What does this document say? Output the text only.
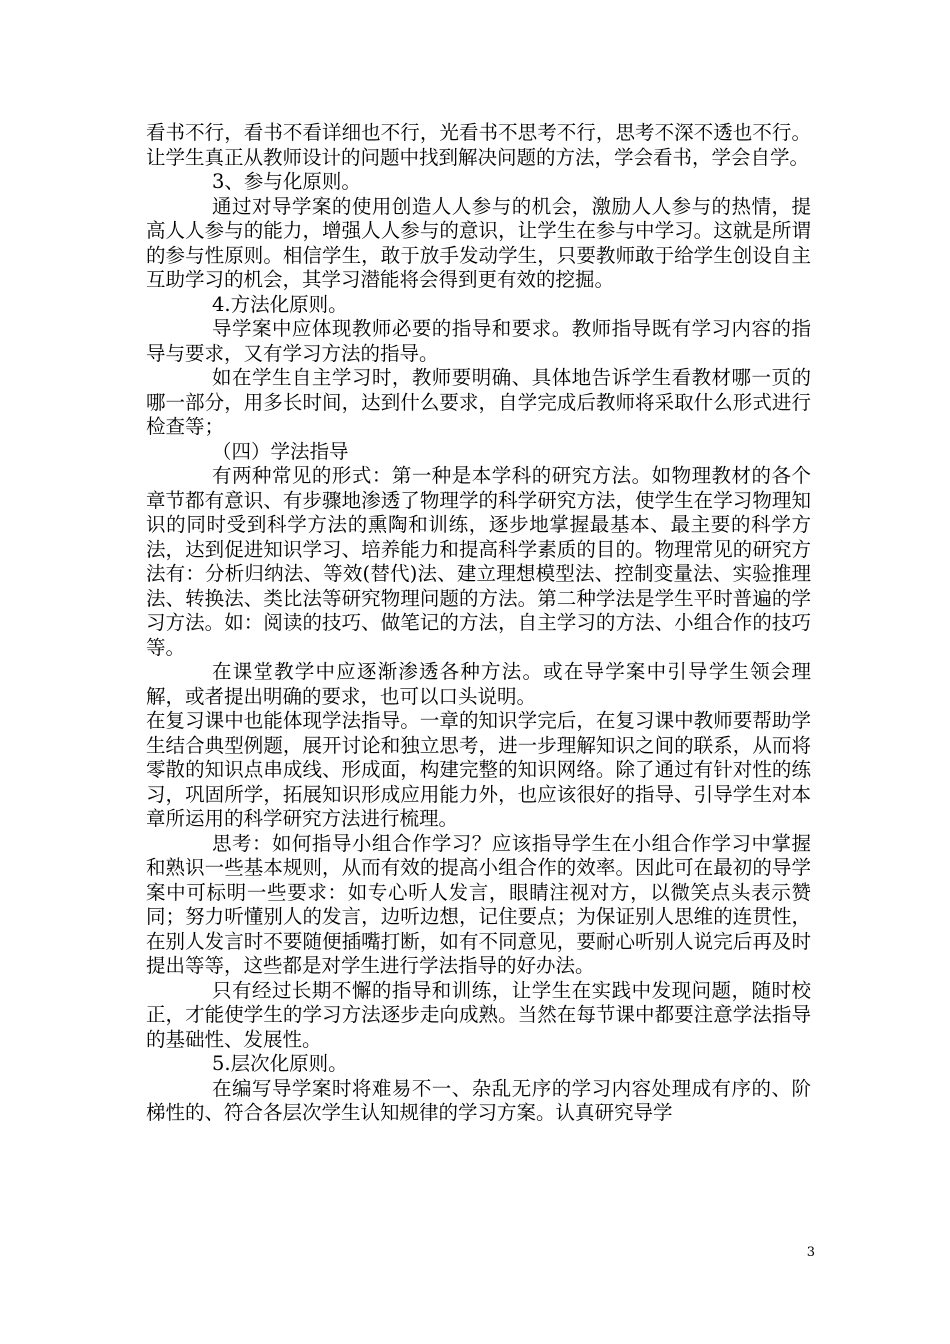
看书不行，看书不看详细也不行，光看书不思考不行，思考不深不透也不行。让学生真正从教师设计的问题中找到解决问题的方法，学会看书，学会自学。

3、参与化原则。

通过对导学案的使用创造人人参与的机会，激励人人参与的热情，提高人人参与的能力，增强人人参与的意识，让学生在参与中学习。这就是所谓的参与性原则。相信学生，敢于放手发动学生，只要教师敢于给学生创设自主互助学习的机会，其学习潜能将会得到更有效的挖掘。

4.方法化原则。

导学案中应体现教师必要的指导和要求。教师指导既有学习内容的指导与要求，又有学习方法的指导。

如在学生自主学习时，教师要明确、具体地告诉学生看教材哪一页的哪一部分，用多长时间，达到什么要求，自学完成后教师将采取什么形式进行检查等；

（四）学法指导

有两种常见的形式：第一种是本学科的研究方法。如物理教材的各个章节都有意识、有步骤地渗透了物理学的科学研究方法，使学生在学习物理知识的同时受到科学方法的熏陶和训练，逐步地掌握最基本、最主要的科学方法，达到促进知识学习、培养能力和提高科学素质的目的。物理常见的研究方法有：分析归纳法、等效(替代)法、建立理想模型法、控制变量法、实验推理法、转换法、类比法等研究物理问题的方法。第二种学法是学生平时普遍的学习方法。如：阅读的技巧、做笔记的方法，自主学习的方法、小组合作的技巧等。

在课堂教学中应逐渐渗透各种方法。或在导学案中引导学生领会理解，或者提出明确的要求，也可以口头说明。

在复习课中也能体现学法指导。一章的知识学完后，在复习课中教师要帮助学生结合典型例题，展开讨论和独立思考，进一步理解知识之间的联系，从而将零散的知识点串成线、形成面，构建完整的知识网络。除了通过有针对性的练习，巩固所学，拓展知识形成应用能力外，也应该很好的指导、引导学生对本章所运用的科学研究方法进行梳理。

思考：如何指导小组合作学习？应该指导学生在小组合作学习中掌握和熟识一些基本规则，从而有效的提高小组合作的效率。因此可在最初的导学案中可标明一些要求：如专心听人发言，眼睛注视对方，以微笑点头表示赞同；努力听懂别人的发言，边听边想，记住要点；为保证别人思维的连贯性，在别人发言时不要随便插嘴打断，如有不同意见，要耐心听别人说完后再及时提出等等，这些都是对学生进行学法指导的好办法。

只有经过长期不懈的指导和训练，让学生在实践中发现问题，随时校正，才能使学生的学习方法逐步走向成熟。当然在每节课中都要注意学法指导的基础性、发展性。

5.层次化原则。

在编写导学案时将难易不一、杂乱无序的学习内容处理成有序的、阶梯性的、符合各层次学生认知规律的学习方案。认真研究导学

3
